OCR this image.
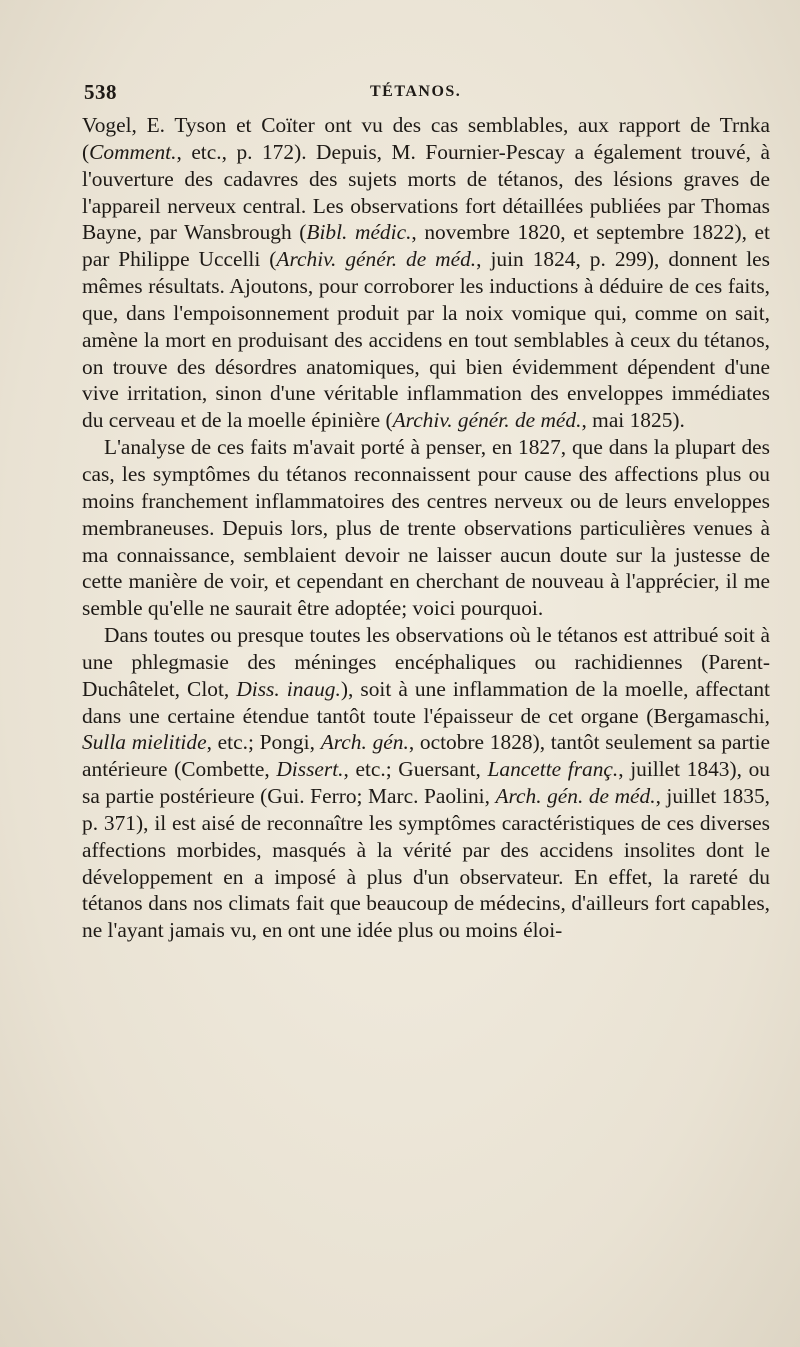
538	TÉTANOS.

Vogel, E. Tyson et Coïter ont vu des cas semblables, aux rapport de Trnka (Comment., etc., p. 172). Depuis, M. Fournier-Pescay a également trouvé, à l'ouverture des cadavres des sujets morts de tétanos, des lésions graves de l'appareil nerveux central. Les observations fort détaillées publiées par Thomas Bayne, par Wansbrough (Bibl. médic., novembre 1820, et septembre 1822), et par Philippe Uccelli (Archiv. génér. de méd., juin 1824, p. 299), donnent les mêmes résultats. Ajoutons, pour corroborer les inductions à déduire de ces faits, que, dans l'empoisonnement produit par la noix vomique qui, comme on sait, amène la mort en produisant des accidens en tout semblables à ceux du tétanos, on trouve des désordres anatomiques, qui bien évidemment dépendent d'une vive irritation, sinon d'une véritable inflammation des enveloppes immédiates du cerveau et de la moelle épinière (Archiv. génér. de méd., mai 1825).

L'analyse de ces faits m'avait porté à penser, en 1827, que dans la plupart des cas, les symptômes du tétanos reconnaissent pour cause des affections plus ou moins franchement inflammatoires des centres nerveux ou de leurs enveloppes membraneuses. Depuis lors, plus de trente observations particulières venues à ma connaissance, semblaient devoir ne laisser aucun doute sur la justesse de cette manière de voir, et cependant en cherchant de nouveau à l'apprécier, il me semble qu'elle ne saurait être adoptée; voici pourquoi.

Dans toutes ou presque toutes les observations où le tétanos est attribué soit à une phlegmasie des méninges encéphaliques ou rachidiennes (Parent-Duchâtelet, Clot, Diss. inaug.), soit à une inflammation de la moelle, affectant dans une certaine étendue tantôt toute l'épaisseur de cet organe (Bergamaschi, Sulla mielitide, etc.; Pongi, Arch. gén., octobre 1828), tantôt seulement sa partie antérieure (Combette, Dissert., etc.; Guersant, Lancette franç., juillet 1843), ou sa partie postérieure (Gui. Ferro; Marc. Paolini, Arch. gén. de méd., juillet 1835, p. 371), il est aisé de reconnaître les symptômes caractéristiques de ces diverses affections morbides, masqués à la vérité par des accidens insolites dont le développement en a imposé à plus d'un observateur. En effet, la rareté du tétanos dans nos climats fait que beaucoup de médecins, d'ailleurs fort capables, ne l'ayant jamais vu, en ont une idée plus ou moins éloi-
